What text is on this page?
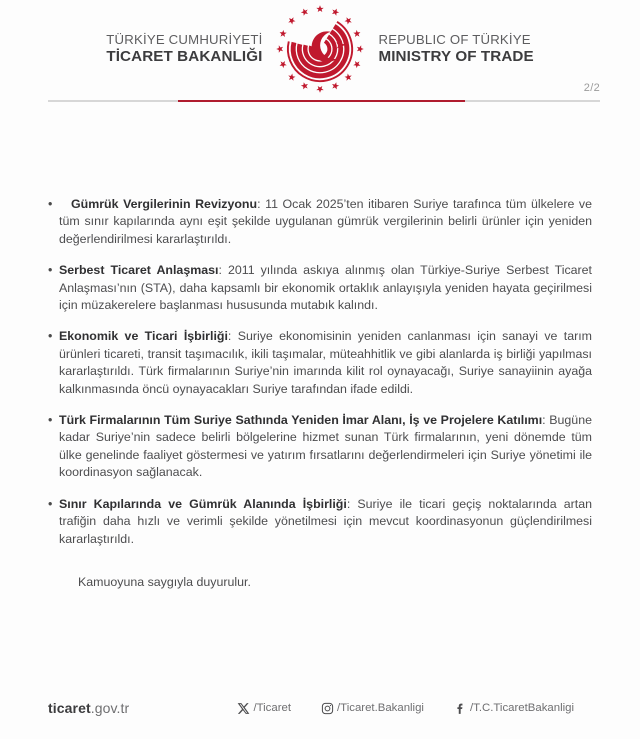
TÜRKİYE CUMHURİYETİ
TİCARET BAKANLIĞI
REPUBLIC OF TÜRKİYE
MINISTRY OF TRADE
2/2
•	Gümrük Vergilerinin Revizyonu: 11 Ocak 2025’ten itibaren Suriye tarafınca tüm ülkelere ve tüm sınır kapılarında aynı eşit şekilde uygulanan gümrük vergilerinin belirli ürünler için yeniden değerlendirilmesi kararlaştırıldı.
• Serbest Ticaret Anlaşması: 2011 yılında askıya alınmış olan Türkiye-Suriye Serbest Ticaret Anlaşması’nın (STA), daha kapsamlı bir ekonomik ortaklık anlayışıyla yeniden hayata geçirilmesi için müzakerelere başlanması hususunda mutabık kalındı.
• Ekonomik ve Ticari İşbirliği: Suriye ekonomisinin yeniden canlanması için sanayi ve tarım ürünleri ticareti, transit taşımacılık, ikili taşımalar, müteahhitlik ve gibi alanlarda iş birliği yapılması kararlaştırıldı. Türk firmalarının Suriye’nin imarında kilit rol oynayacağı, Suriye sanayiinin ayağa kalkınmasında öncü oynayacakları Suriye tarafından ifade edildi.
• Türk Firmalarının Tüm Suriye Sathında Yeniden İmar Alanı, İş ve Projelere Katılımı: Bugüne kadar Suriye’nin sadece belirli bölgelerine hizmet sunan Türk firmalarının, yeni dönemde tüm ülke genelinde faaliyet göstermesi ve yatırım fırsatlarını değerlendirmeleri için Suriye yönetimi ile koordinasyon sağlanacak.
• Sınır Kapılarında ve Gümrük Alanında İşbirliği: Suriye ile ticari geçiş noktalarında artan trafiğin daha hızlı ve verimli şekilde yönetilmesi için mevcut koordinasyonun güçlendirilmesi kararlaştırıldı.
Kamuoyuna saygıyla duyurulur.
ticaret.gov.tr	/Ticaret	/Ticaret.Bakanligi	/T.C.TicaretBakanligi
